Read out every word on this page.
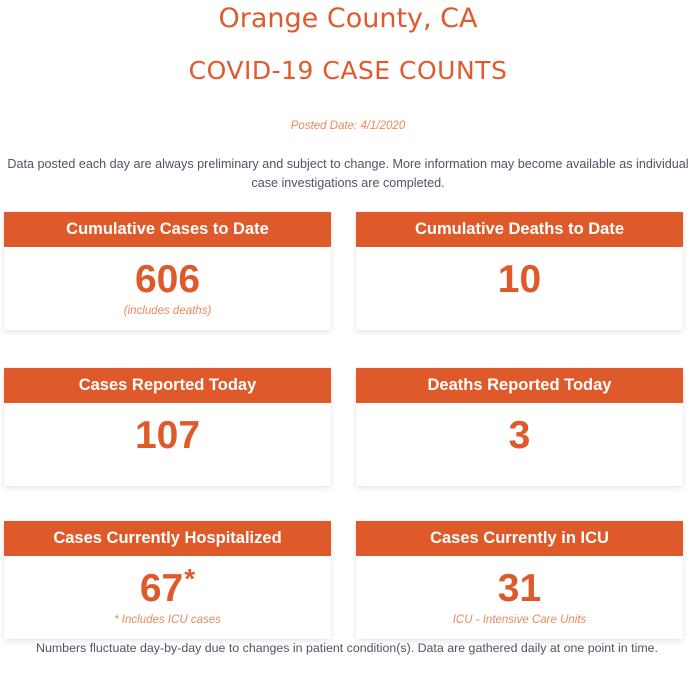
Orange County, CA
COVID-19 CASE COUNTS
Posted Date: 4/1/2020
Data posted each day are always preliminary and subject to change. More information may become available as individual case investigations are completed.
Cumulative Cases to Date
606
(includes deaths)
Cumulative Deaths to Date
10
Cases Reported Today
107
Deaths Reported Today
3
Cases Currently Hospitalized
67*
* Includes ICU cases
Cases Currently in ICU
31
ICU - Intensive Care Units
Numbers fluctuate day-by-day due to changes in patient condition(s). Data are gathered daily at one point in time.
